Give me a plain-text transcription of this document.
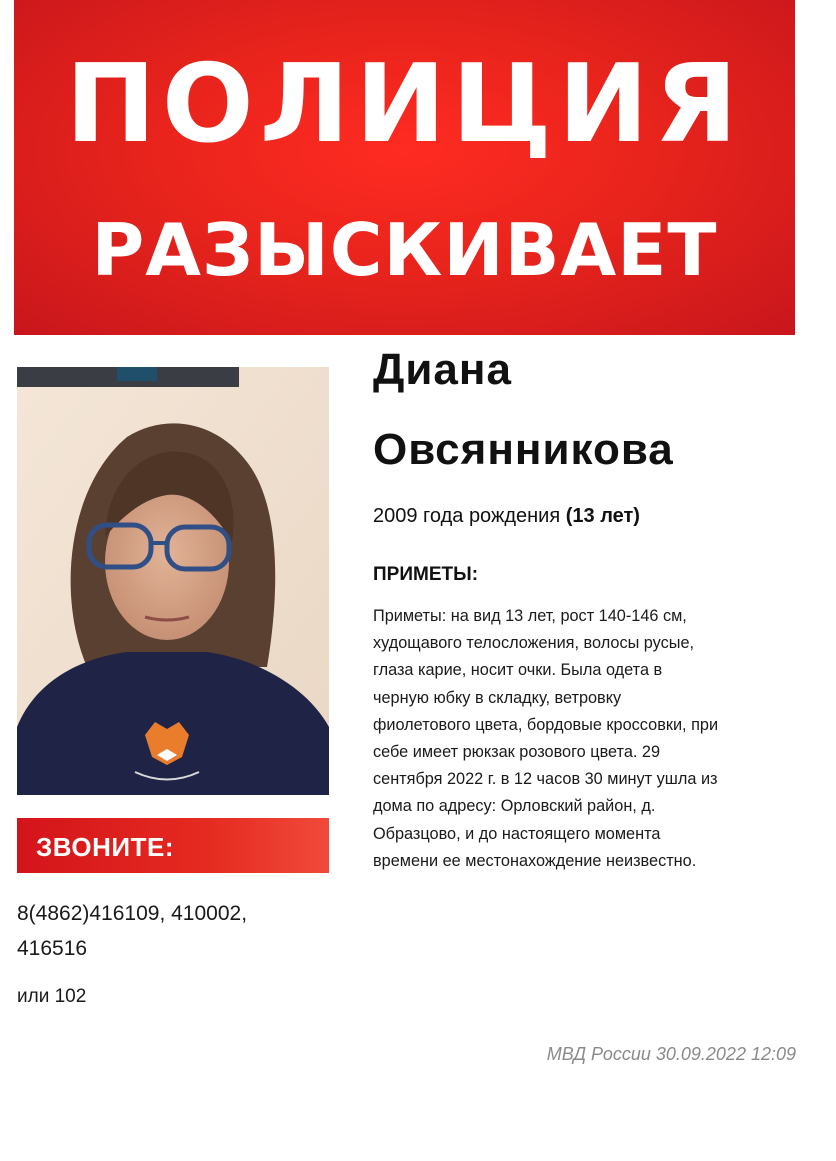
ПОЛИЦИЯ
РАЗЫСКИВАЕТ
МВД РОССИИ
ЗВОНИТЕ:
8(4862)416109, 410002,
416516
или 102
Диана
Овсянникова
2009 года рождения (13 лет)
ПРИМЕТЫ:
Приметы: на вид 13 лет, рост 140-146 см,
худощавого телосложения, волосы русые,
глаза карие, носит очки. Была одета в
черную юбку в складку, ветровку
фиолетового цвета, бордовые кроссовки, при
себе имеет рюкзак розового цвета. 29
сентября 2022 г. в 12 часов 30 минут ушла из
дома по адресу: Орловский район, д.
Образцово, и до настоящего момента
времени ее местонахождение неизвестно.
МВД России 30.09.2022 12:09
